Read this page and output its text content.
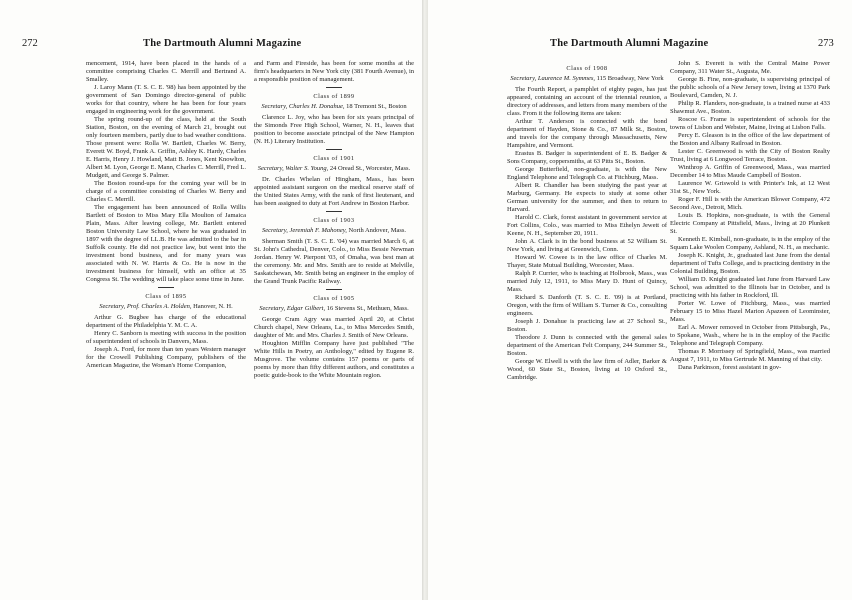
272	The Dartmouth Alumni Magazine

mencement, 1914, have been placed in the hands of a committee comprising Charles C. Merrill and Bertrand A. Smalley.

J. Laroy Mann (T. S. C. E. '98) has been appointed by the government of San Domingo director-general of public works for that country, where he has been for four years engaged in engineering work for the government.

The spring round-up of the class, held at the South Station, Boston, on the evening of March 21, brought out only fourteen members, partly due to bad weather conditions. Those present were: Rolla W. Bartlett, Charles W. Berry, Everett W. Boyd, Frank A. Griffin, Ashley K. Hardy, Charles E. Harris, Henry J. Howland, Matt B. Jones, Kent Knowlton, Albert M. Lyon, George E. Mann, Charles C. Merrill, Fred L. Mudgett, and George S. Palmer.

The Boston round-ups for the coming year will be in charge of a committee consisting of Charles W. Berry and Charles C. Merrill.

The engagement has been announced of Rolla Willis Bartlett of Boston to Miss Mary Ella Moulton of Jamaica Plain, Mass. After leaving college, Mr. Bartlett entered Boston University Law School, where he was graduated in 1897 with the degree of LL.B. He was admitted to the bar in Suffolk county. He did not practice law, but went into the investment bond business, and for many years was associated with N. W. Harris & Co. He is now in the investment business for himself, with an office at 35 Congress St. The wedding will take place some time in June.

Class of 1895
Secretary, Prof. Charles A. Holden, Hanover, N. H.

Arthur G. Bugbee has charge of the educational department of the Philadelphia Y. M. C. A.

Henry C. Sanborn is meeting with success in the position of superintendent of schools in Danvers, Mass.

Joseph A. Ford, for more than ten years Western manager for the Crowell Publishing Company, publishers of the American Magazine, the Woman's Home Companion,

and Farm and Fireside, has been for some months at the firm's headquarters in New York city (381 Fourth Avenue), in a responsible position of management.

Class of 1899
Secretary, Charles H. Donahue, 18 Tremont St., Boston

Clarence L. Joy, who has been for six years principal of the Simonds Free High School, Warner, N. H., leaves that position to become associate principal of the New Hampton (N. H.) Literary Institution.

Class of 1901
Secretary, Walter S. Young, 24 Oread St., Worcester, Mass.

Dr. Charles Whelan of Hingham, Mass., has been appointed assistant surgeon on the medical reserve staff of the United States Army, with the rank of first lieutenant, and has been assigned to duty at Fort Andrew in Boston Harbor.

Class of 1903
Secretary, Jeremiah F. Mahoney, North Andover, Mass.

Sherman Smith (T. S. C. E. '04) was married March 6, at St. John's Cathedral, Denver, Colo., to Miss Bessie Newman Jordan. Henry W. Pierpont '03, of Omaha, was best man at the ceremony. Mr. and Mrs. Smith are to reside at Melville, Saskatchewan, Mr. Smith being an engineer in the employ of the Grand Trunk Pacific Railway.

Class of 1905
Secretary, Edgar Gilbert, 16 Stevens St., Methuen, Mass.

George Cram Agry was married April 20, at Christ Church chapel, New Orleans, La., to Miss Mercedes Smith, daughter of Mr. and Mrs. Charles J. Smith of New Orleans.

Houghton Mifflin Company have just published "The White Hills in Poetry, an Anthology," edited by Eugene R. Musgrove. The volume contains 157 poems or parts of poems by more than fifty different authors, and constitutes a poetic guide-book to the White Mountain region.

The Dartmouth Alumni Magazine	273
Class of 1908
Secretary, Laurence M. Symmes, 115 Broadway, New York

The Fourth Report, a pamphlet of eighty pages, has just appeared, containing an account of the triennial reunion, a directory of addresses, and letters from many members of the class. From it the following items are taken:

Arthur T. Anderson is connected with the bond department of Hayden, Stone & Co., 87 Milk St., Boston, and travels for the company through Massachusetts, New Hampshire, and Vermont.

Erastus B. Badger is superintendent of E. B. Badger & Sons Company, coppersmiths, at 63 Pitts St., Boston.

George Butterfield, non-graduate, is with the New England Telephone and Telegraph Co. at Fitchburg, Mass.

Albert R. Chandler has been studying the past year at Marburg, Germany. He expects to study at some other German university for the summer, and then to return to Harvard.

Harold C. Clark, forest assistant in government service at Fort Collins, Colo., was married to Miss Ethelyn Jewett of Keene, N. H., September 20, 1911.

John A. Clark is in the bond business at 52 William St. New York, and living at Greenwich, Conn.

Howard W. Cowee is in the law office of Charles M. Thayer, State Mutual Building, Worcester, Mass.

Ralph P. Currier, who is teaching at Holbrook, Mass., was married July 12, 1911, to Miss Mary D. Hunt of Quincy, Mass.

Richard S. Danforth (T. S. C. E. '09) is at Portland, Oregon, with the firm of William S. Turner & Co., consulting engineers.

Joseph J. Donahue is practicing law at 27 School St., Boston.

Theodore J. Dunn is connected with the general sales department of the American Felt Company, 244 Summer St., Boston.

George W. Elwell is with the law firm of Adler, Barker & Wood, 60 State St., Boston, living at 10 Oxford St., Cambridge.

John S. Everett is with the Central Maine Power Company, 311 Water St., Augusta, Me.

George B. Fine, non-graduate, is supervising principal of the public schools of a New Jersey town, living at 1370 Park Boulevard, Camden, N. J.

Philip R. Flanders, non-graduate, is a trained nurse at 433 Shawmut Ave., Boston.

Roscoe G. Frame is superintendent of schools for the towns of Lisbon and Webster, Maine, living at Lisbon Falls.

Percy E. Gleason is in the office of the law department of the Boston and Albany Railroad in Boston.

Lester C. Greenwood is with the City of Boston Realty Trust, living at 6 Longwood Terrace, Boston.

Winthrop A. Griffin of Greenwood, Mass., was married December 14 to Miss Maude Campbell of Boston.

Laurence W. Griswold is with Printer's Ink, at 12 West 31st St., New York.

Roger F. Hill is with the American Blower Company, 472 Second Ave., Detroit, Mich.

Louis B. Hopkins, non-graduate, is with the General Electric Company at Pittsfield, Mass., living at 20 Plunkett St.

Kenneth E. Kimball, non-graduate, is in the employ of the Squam Lake Woolen Company, Ashland, N. H., as mechanic.

Joseph K. Knight, Jr., graduated last June from the dental department of Tufts College, and is practicing dentistry in the Colonial Building, Boston.

William D. Knight graduated last June from Harvard Law School, was admitted to the Illinois bar in October, and is practicing with his father in Rockford, Ill.

Porter W. Lowe of Fitchburg, Mass., was married February 15 to Miss Hazel Marion Apazeen of Leominster, Mass.

Earl A. Mower removed in October from Pittsburgh, Pa., to Spokane, Wash., where he is in the employ of the Pacific Telephone and Telegraph Company.

Thomas P. Morrissey of Springfield, Mass., was married August 7, 1911, to Miss Gertrude M. Manning of that city.

Dana Parkinson, forest assistant in gov-
